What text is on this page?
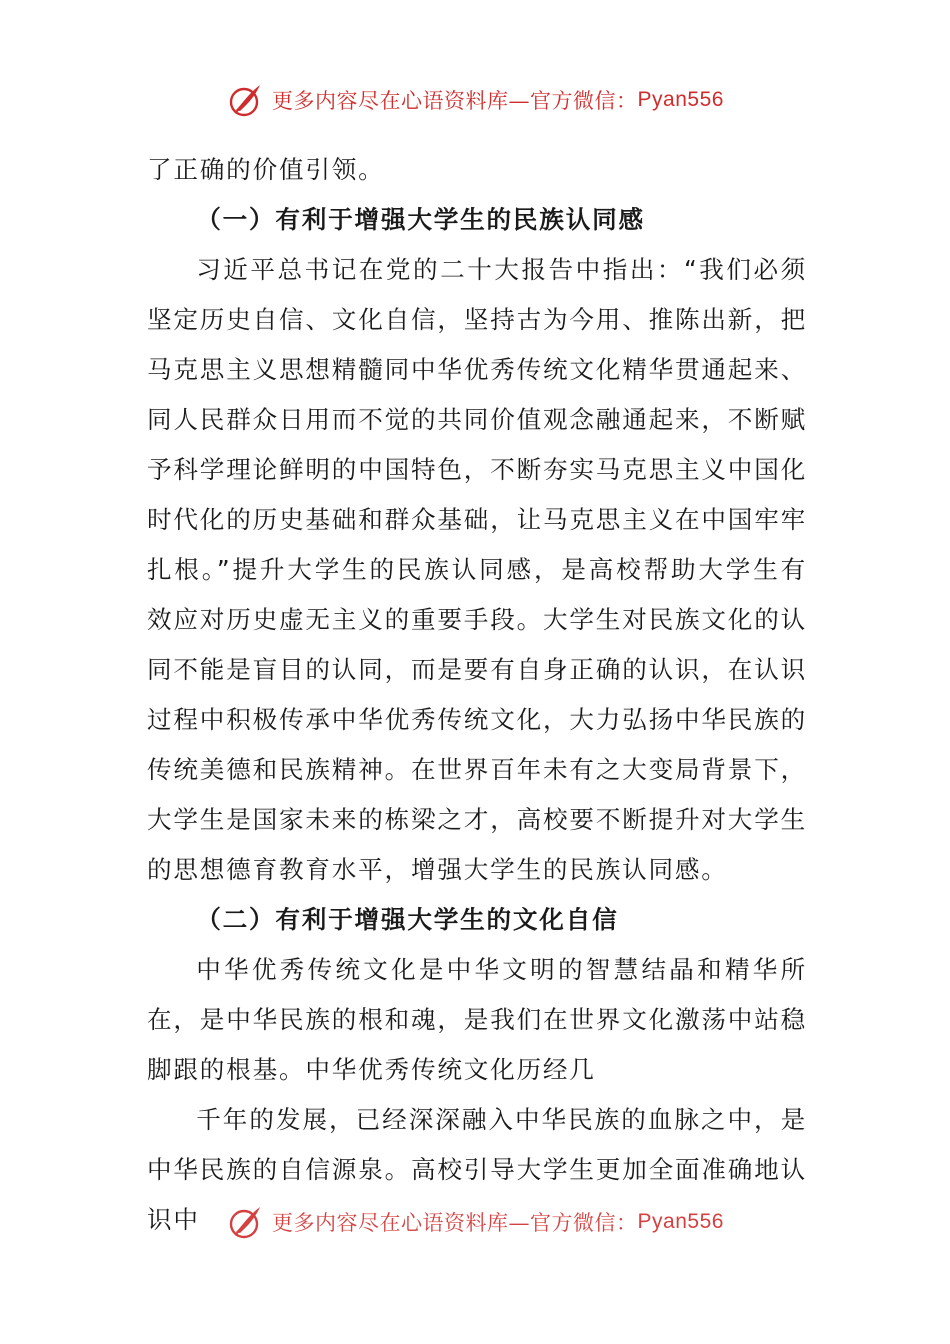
更多内容尽在心语资料库—官方微信： Pyan556

了正确的价值引领。

（一）有利于增强大学生的民族认同感

习近平总书记在党的二十大报告中指出：“我们必须坚定历史自信、文化自信，坚持古为今用、推陈出新，把马克思主义思想精髓同中华优秀传统文化精华贯通起来、同人民群众日用而不觉的共同价值观念融通起来，不断赋予科学理论鲜明的中国特色，不断夯实马克思主义中国化时代化的历史基础和群众基础，让马克思主义在中国牢牢扎根。”提升大学生的民族认同感，是高校帮助大学生有效应对历史虚无主义的重要手段。大学生对民族文化的认同不能是盲目的认同，而是要有自身正确的认识，在认识过程中积极传承中华优秀传统文化，大力弘扬中华民族的传统美德和民族精神。在世界百年未有之大变局背景下，大学生是国家未来的栋梁之才，高校要不断提升对大学生的思想德育教育水平，增强大学生的民族认同感。

（二）有利于增强大学生的文化自信

中华优秀传统文化是中华文明的智慧结晶和精华所在，是中华民族的根和魂，是我们在世界文化激荡中站稳脚跟的根基。中华优秀传统文化历经几

千年的发展，已经深深融入中华民族的血脉之中，是中华民族的自信源泉。高校引导大学生更加全面准确地认识中	更多内容尽在心语资料库—官方微信： Pyan556
